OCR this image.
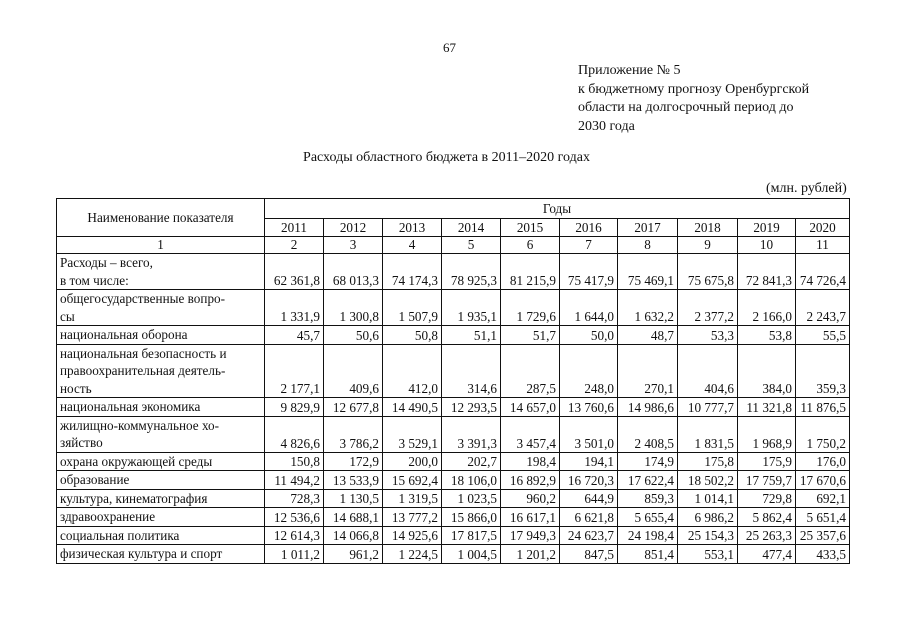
67
Приложение № 5
к бюджетному прогнозу Оренбургской
области на долгосрочный период до
2030 года
Расходы областного бюджета в 2011–2020 годах
(млн. рублей)
Наименование показателя	Годы									
	2011	2012	2013	2014	2015	2016	2017	2018	2019	2020
1	2	3	4	5	6	7	8	9	10	11

Расходы – всего,
в том числе:	62 361,8	68 013,3	74 174,3	78 925,3	81 215,9	75 417,9	75 469,1	75 675,8	72 841,3	74 726,4

общегосударственные вопро-
сы	1 331,9	1 300,8	1 507,9	1 935,1	1 729,6	1 644,0	1 632,2	2 377,2	2 166,0	2 243,7

национальная оборона	45,7	50,6	50,8	51,1	51,7	50,0	48,7	53,3	53,8	55,5

национальная безопасность и
правоохранительная деятель-
ность	2 177,1	409,6	412,0	314,6	287,5	248,0	270,1	404,6	384,0	359,3

национальная экономика	9 829,9	12 677,8	14 490,5	12 293,5	14 657,0	13 760,6	14 986,6	10 777,7	11 321,8	11 876,5

жилищно-коммунальное хо-
зяйство	4 826,6	3 786,2	3 529,1	3 391,3	3 457,4	3 501,0	2 408,5	1 831,5	1 968,9	1 750,2

охрана окружающей среды	150,8	172,9	200,0	202,7	198,4	194,1	174,9	175,8	175,9	176,0

образование	11 494,2	13 533,9	15 692,4	18 106,0	16 892,9	16 720,3	17 622,4	18 502,2	17 759,7	17 670,6

культура, кинематография	728,3	1 130,5	1 319,5	1 023,5	960,2	644,9	859,3	1 014,1	729,8	692,1

здравоохранение	12 536,6	14 688,1	13 777,2	15 866,0	16 617,1	6 621,8	5 655,4	6 986,2	5 862,4	5 651,4

социальная политика	12 614,3	14 066,8	14 925,6	17 817,5	17 949,3	24 623,7	24 198,4	25 154,3	25 263,3	25 357,6

физическая культура и спорт	1 011,2	961,2	1 224,5	1 004,5	1 201,2	847,5	851,4	553,1	477,4	433,5
